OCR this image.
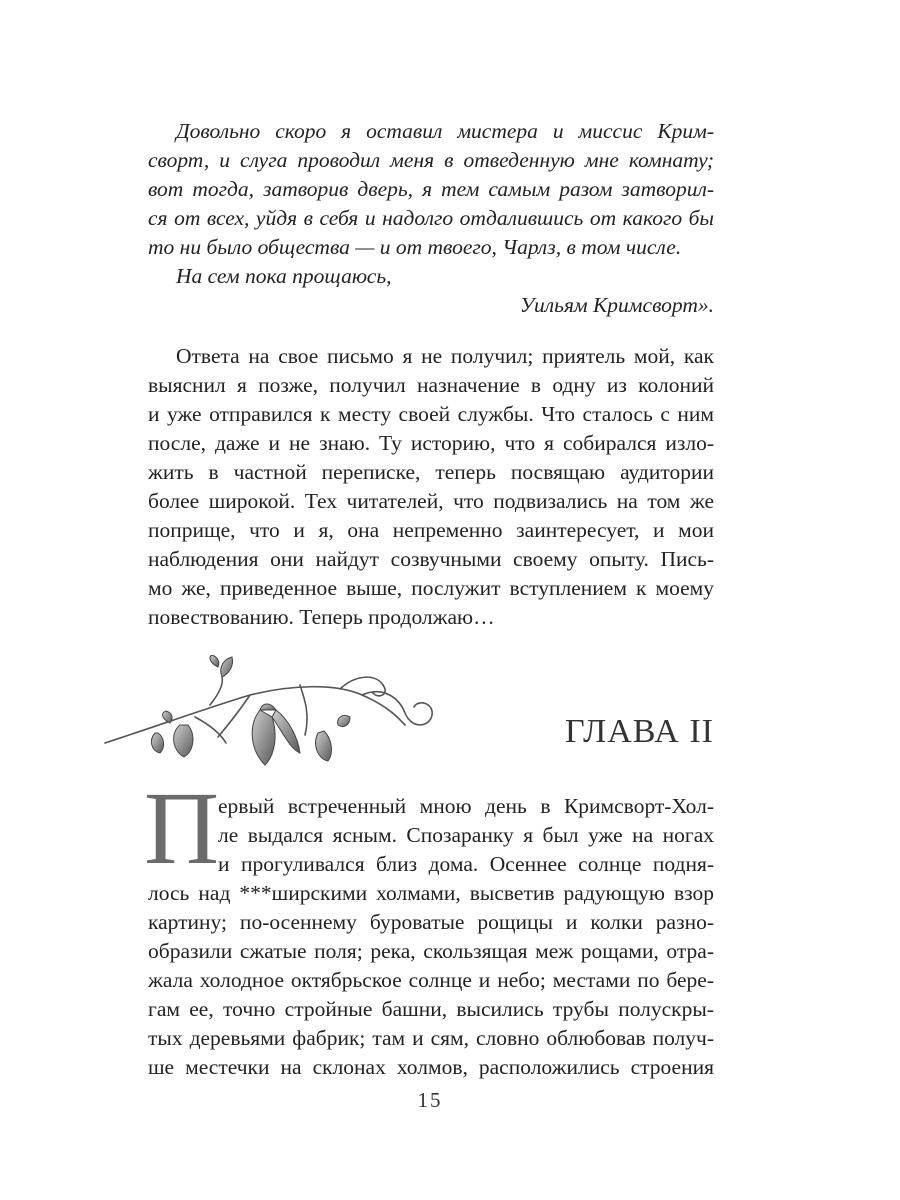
Довольно скоро я оставил мистера и миссис Крим-
сворт, и слуга проводил меня в отведенную мне комнату;
вот тогда, затворив дверь, я тем самым разом затворил-
ся от всех, уйдя в себя и надолго отдалившись от какого бы
то ни было общества — и от твоего, Чарлз, в том числе.
На сем пока прощаюсь,
Уильям Кримсворт».
Ответа на свое письмо я не получил; приятель мой, как
выяснил я позже, получил назначение в одну из колоний
и уже отправился к месту своей службы. Что сталось с ним
после, даже и не знаю. Ту историю, что я собирался изло-
жить в частной переписке, теперь посвящаю аудитории
более широкой. Тех читателей, что подвизались на том же
поприще, что и я, она непременно заинтересует, и мои
наблюдения они найдут созвучными своему опыту. Пись-
мо же, приведенное выше, послужит вступлением к моему
повествованию. Теперь продолжаю…
ГЛАВА II
П
ервый встреченный мною день в Кримсворт-Хол-
ле выдался ясным. Спозаранку я был уже на ногах
и прогуливался близ дома. Осеннее солнце подня-
лось над ***ширскими холмами, высветив радующую взор
картину; по-осеннему буроватые рощицы и колки разно-
образили сжатые поля; река, скользящая меж рощами, отра-
жала холодное октябрьское солнце и небо; местами по бере-
гам ее, точно стройные башни, высились трубы полускры-
тых деревьями фабрик; там и сям, словно облюбовав получ-
ше местечки на склонах холмов, расположились строения
15
